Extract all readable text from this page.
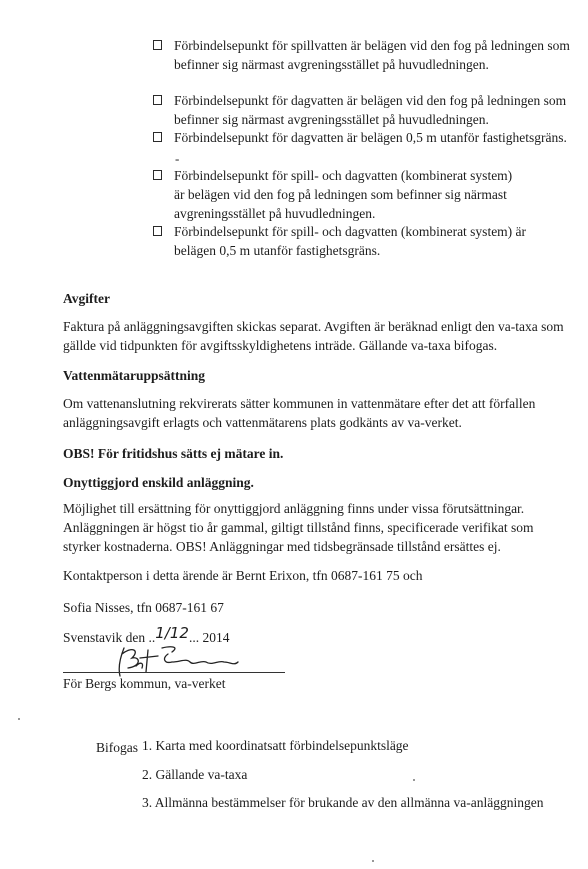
Förbindelsepunkt för spillvatten är belägen vid den fog på ledningen som befinner sig närmast avgreningsstället på huvudledningen.
Förbindelsepunkt för dagvatten är belägen vid den fog på ledningen som befinner sig närmast avgreningsstället på huvudledningen.
Förbindelsepunkt för dagvatten är belägen 0,5 m utanför fastighetsgräns.
-
Förbindelsepunkt för spill- och dagvatten (kombinerat system) är belägen vid den fog på ledningen som befinner sig närmast avgreningsstället på huvudledningen.
Förbindelsepunkt för spill- och dagvatten (kombinerat system) är belägen 0,5 m utanför fastighetsgräns.
Avgifter
Faktura på anläggningsavgiften skickas separat. Avgiften är beräknad enligt den va-taxa som gällde vid tidpunkten för avgiftsskyldighetens inträde. Gällande va-taxa bifogas.
Vattenmätaruppsättning
Om vattenanslutning rekvirerats sätter kommunen in vattenmätare efter det att förfallen anläggningsavgift erlagts och vattenmätarens plats godkänts av va-verket.
OBS! För fritidshus sätts ej mätare in.
Onyttiggjord enskild anläggning.
Möjlighet till ersättning för onyttiggjord anläggning finns under vissa förutsättningar. Anläggningen är högst tio år gammal, giltigt tillstånd finns, specificerade verifikat som styrker kostnaderna. OBS! Anläggningar med tidsbegränsade tillstånd ersättes ej.
Kontaktperson i detta ärende är Bernt Erixon, tfn 0687-161 75 och
Sofia Nisses, tfn 0687-161 67
Svenstavik den ..1/12... 2014
För Bergs kommun, va-verket
Bifogas 1. Karta med koordinatsatt förbindelsepunktsläge
2. Gällande va-taxa
3. Allmänna bestämmelser för brukande av den allmänna va-anläggningen
